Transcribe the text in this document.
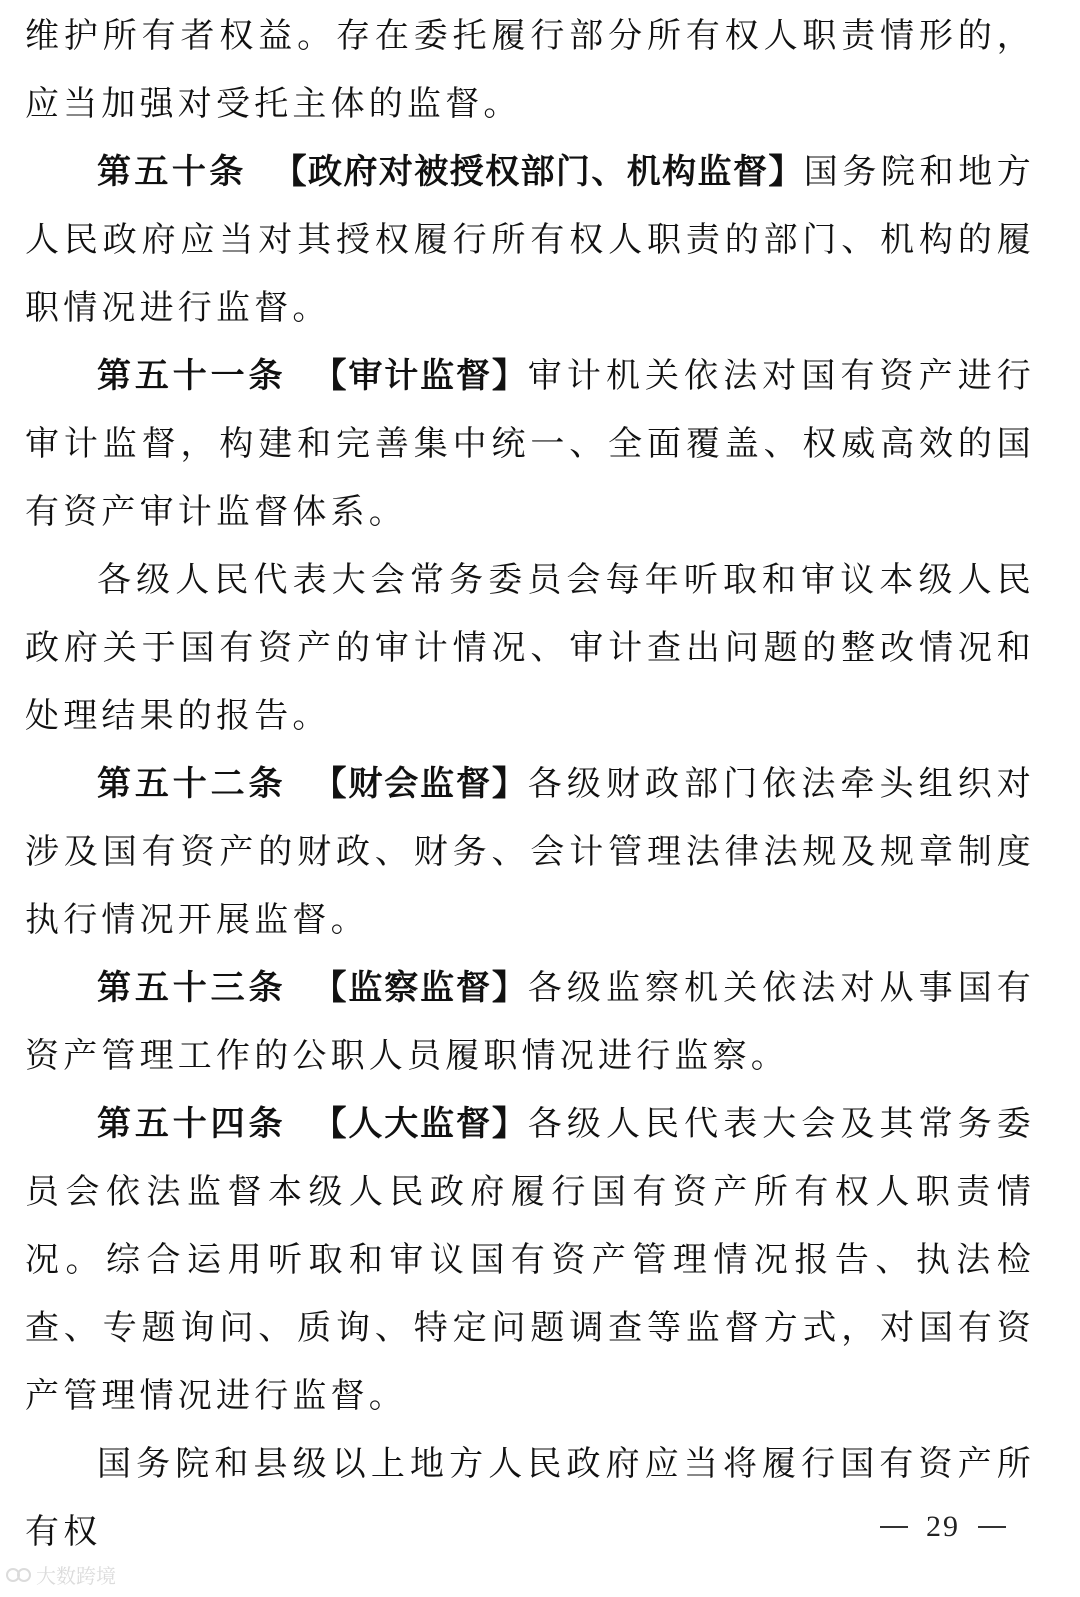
维护所有者权益。存在委托履行部分所有权人职责情形的，应当加强对受托主体的监督。

第五十条 【政府对被授权部门、机构监督】国务院和地方人民政府应当对其授权履行所有权人职责的部门、机构的履职情况进行监督。

第五十一条 【审计监督】审计机关依法对国有资产进行审计监督，构建和完善集中统一、全面覆盖、权威高效的国有资产审计监督体系。

各级人民代表大会常务委员会每年听取和审议本级人民政府关于国有资产的审计情况、审计查出问题的整改情况和处理结果的报告。

第五十二条 【财会监督】各级财政部门依法牵头组织对涉及国有资产的财政、财务、会计管理法律法规及规章制度执行情况开展监督。

第五十三条 【监察监督】各级监察机关依法对从事国有资产管理工作的公职人员履职情况进行监察。

第五十四条 【人大监督】各级人民代表大会及其常务委员会依法监督本级人民政府履行国有资产所有权人职责情况。综合运用听取和审议国有资产管理情况报告、执法检查、专题询问、质询、特定问题调查等监督方式，对国有资产管理情况进行监督。

国务院和县级以上地方人民政府应当将履行国有资产所有权	29
大数跨境
